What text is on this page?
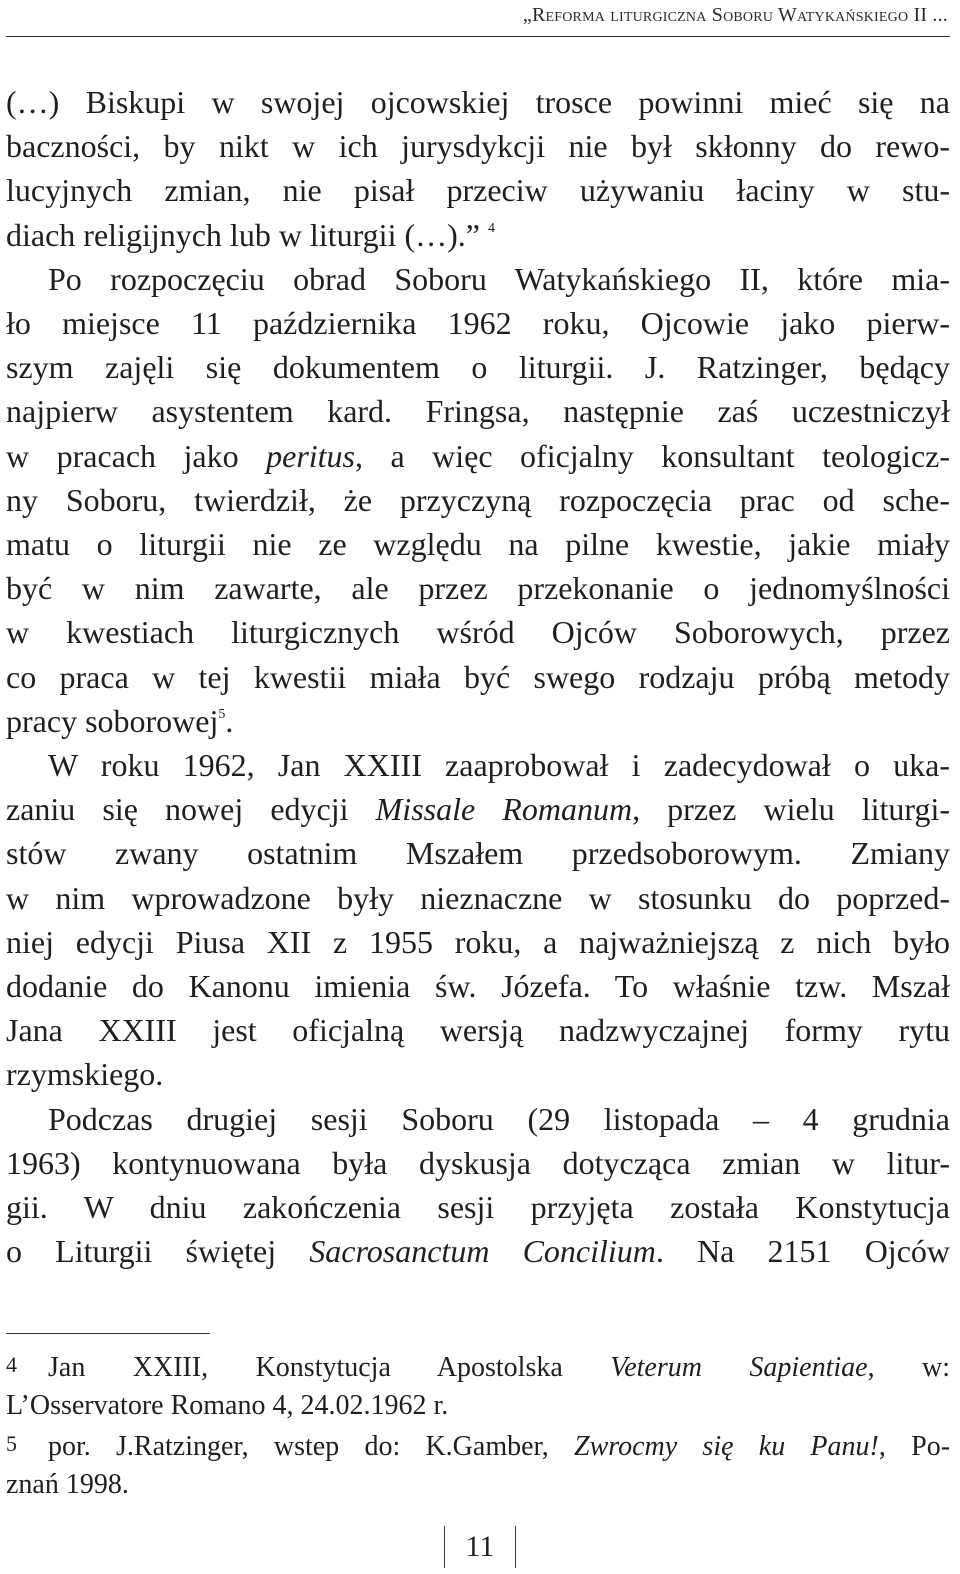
„Reforma liturgiczna Soboru Watykańskiego II ...
(…) Biskupi w swojej ojcowskiej trosce powinni mieć się na
baczności, by nikt w ich jurysdykcji nie był skłonny do rewo-
lucyjnych zmian, nie pisał przeciw używaniu łaciny w stu-
diach religijnych lub w liturgii (…).” $^4$
Po rozpoczęciu obrad Soboru Watykańskiego II, które mia-
ło miejsce 11 października 1962 roku, Ojcowie jako pierw-
szym zajęli się dokumentem o liturgii. J. Ratzinger, będący
najpierw asystentem kard. Fringsa, następnie zaś uczestniczył
w pracach jako peritus, a więc oficjalny konsultant teologicz-
ny Soboru, twierdził, że przyczyną rozpoczęcia prac od sche-
matu o liturgii nie ze względu na pilne kwestie, jakie miały
być w nim zawarte, ale przez przekonanie o jednomyślności
w kwestiach liturgicznych wśród Ojców Soborowych, przez
co praca w tej kwestii miała być swego rodzaju próbą metody
pracy soborowej$^5$.
W roku 1962, Jan XXIII zaaprobował i zadecydował o uka-
zaniu się nowej edycji Missale Romanum, przez wielu liturgi-
stów zwany ostatnim Mszałem przedsoborowym. Zmiany
w nim wprowadzone były nieznaczne w stosunku do poprzed-
niej edycji Piusa XII z 1955 roku, a najważniejszą z nich było
dodanie do Kanonu imienia św. Józefa. To właśnie tzw. Mszał
Jana XXIII jest oficjalną wersją nadzwyczajnej formy rytu
rzymskiego.
Podczas drugiej sesji Soboru (29 listopada – 4 grudnia
1963) kontynuowana była dyskusja dotycząca zmian w litur-
gii. W dniu zakończenia sesji przyjęta została Konstytucja
o Liturgii świętej Sacrosanctum Concilium. Na 2151 Ojców
4 Jan XXIII, Konstytucja Apostolska Veterum Sapientiae, w:
L’Osservatore Romano 4, 24.02.1962 r.
5 por. J.Ratzinger, wstep do: K.Gamber, Zwrocmy się ku Panu!, Po-
znań 1998.
11
